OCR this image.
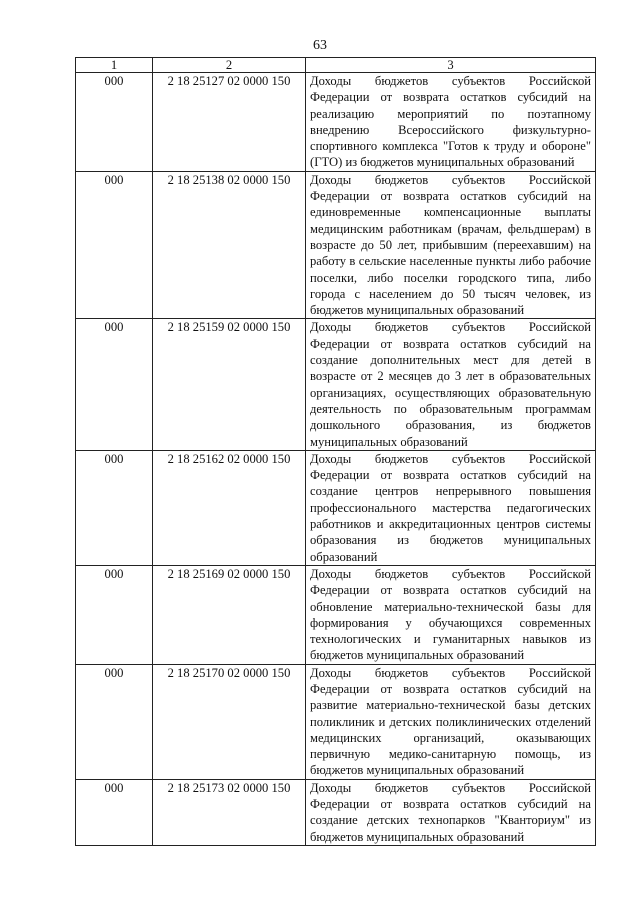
63
1	2	3
000	2 18 25127 02 0000 150	Доходы бюджетов субъектов Российской Федерации от возврата остатков субсидий на реализацию мероприятий по поэтапному внедрению Всероссийского физкультурно-спортивного комплекса "Готов к труду и обороне" (ГТО) из бюджетов муниципальных образований
000	2 18 25138 02 0000 150	Доходы бюджетов субъектов Российской Федерации от возврата остатков субсидий на единовременные компенсационные выплаты медицинским работникам (врачам, фельдшерам) в возрасте до 50 лет, прибывшим (переехавшим) на работу в сельские населенные пункты либо рабочие поселки, либо поселки городского типа, либо города с населением до 50 тысяч человек, из бюджетов муниципальных образований
000	2 18 25159 02 0000 150	Доходы бюджетов субъектов Российской Федерации от возврата остатков субсидий на создание дополнительных мест для детей в возрасте от 2 месяцев до 3 лет в образовательных организациях, осуществляющих образовательную деятельность по образовательным программам дошкольного образования, из бюджетов муниципальных образований
000	2 18 25162 02 0000 150	Доходы бюджетов субъектов Российской Федерации от возврата остатков субсидий на создание центров непрерывного повышения профессионального мастерства педагогических работников и аккредитационных центров системы образования из бюджетов муниципальных образований
000	2 18 25169 02 0000 150	Доходы бюджетов субъектов Российской Федерации от возврата остатков субсидий на обновление материально-технической базы для формирования у обучающихся современных технологических и гуманитарных навыков из бюджетов муниципальных образований
000	2 18 25170 02 0000 150	Доходы бюджетов субъектов Российской Федерации от возврата остатков субсидий на развитие материально-технической базы детских поликлиник и детских поликлинических отделений медицинских организаций, оказывающих первичную медико-санитарную помощь, из бюджетов муниципальных образований
000	2 18 25173 02 0000 150	Доходы бюджетов субъектов Российской Федерации от возврата остатков субсидий на создание детских технопарков "Кванториум" из бюджетов муниципальных образований
